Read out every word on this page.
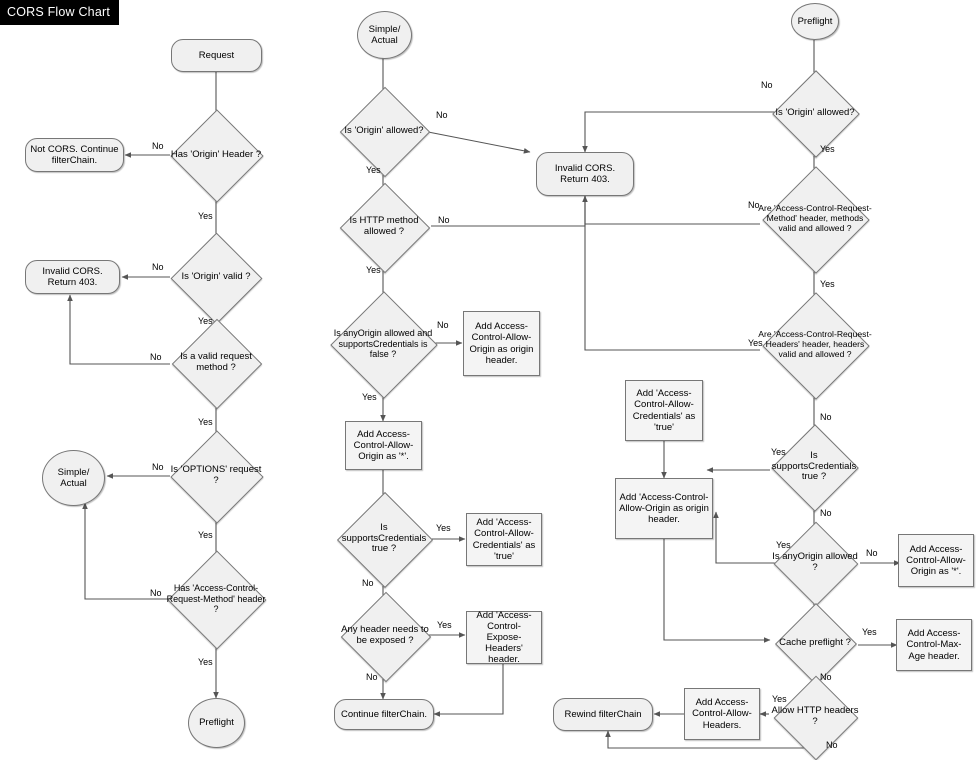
CORS Flow Chart
Request
Not CORS. Continue filterChain.
Has 'Origin' Header ?
Invalid CORS. Return 403.
Is 'Origin' valid ?
Is a valid request method ?
Simple/ Actual
Is 'OPTIONS' request ?
Has 'Access-Control-Request-Method' header ?
Preflight
No
Yes
No
Yes
No
Yes
No
Yes
No
Yes
Simple/ Actual
Is 'Origin' allowed?
Invalid CORS. Return 403.
Is HTTP method allowed ?
Is anyOrigin allowed and supportsCredentials is false ?
Add Access-Control-Allow-Origin as origin header.
Add Access-Control-Allow-Origin as '*'.
Is supportsCredentials true ?
Add 'Access-Control-Allow-Credentials' as 'true'
Any header needs to be exposed ?
Add 'Access-Control-Expose-Headers' header.
Continue filterChain.
No
Yes
No
Yes
No
Yes
Yes
No
Yes
No
Preflight
Is 'Origin' allowed?
Are 'Access-Control-Request-Method' header, methods valid and allowed ?
Are 'Access-Control-Request-Headers' header, headers valid and allowed ?
Add 'Access-Control-Allow-Credentials' as 'true'
Is supportsCredentials true ?
Add 'Access-Control-Allow-Origin as origin header.
Is anyOrigin allowed ?
Add Access-Control-Allow-Origin as '*'.
Cache preflight ?
Add Access-Control-Max-Age header.
Allow HTTP headers ?
Add Access-Control-Allow-Headers.
Rewind filterChain
No
Yes
Yes
No
Yes
No
Yes
No
Yes
No
Yes
No
Yes
No
